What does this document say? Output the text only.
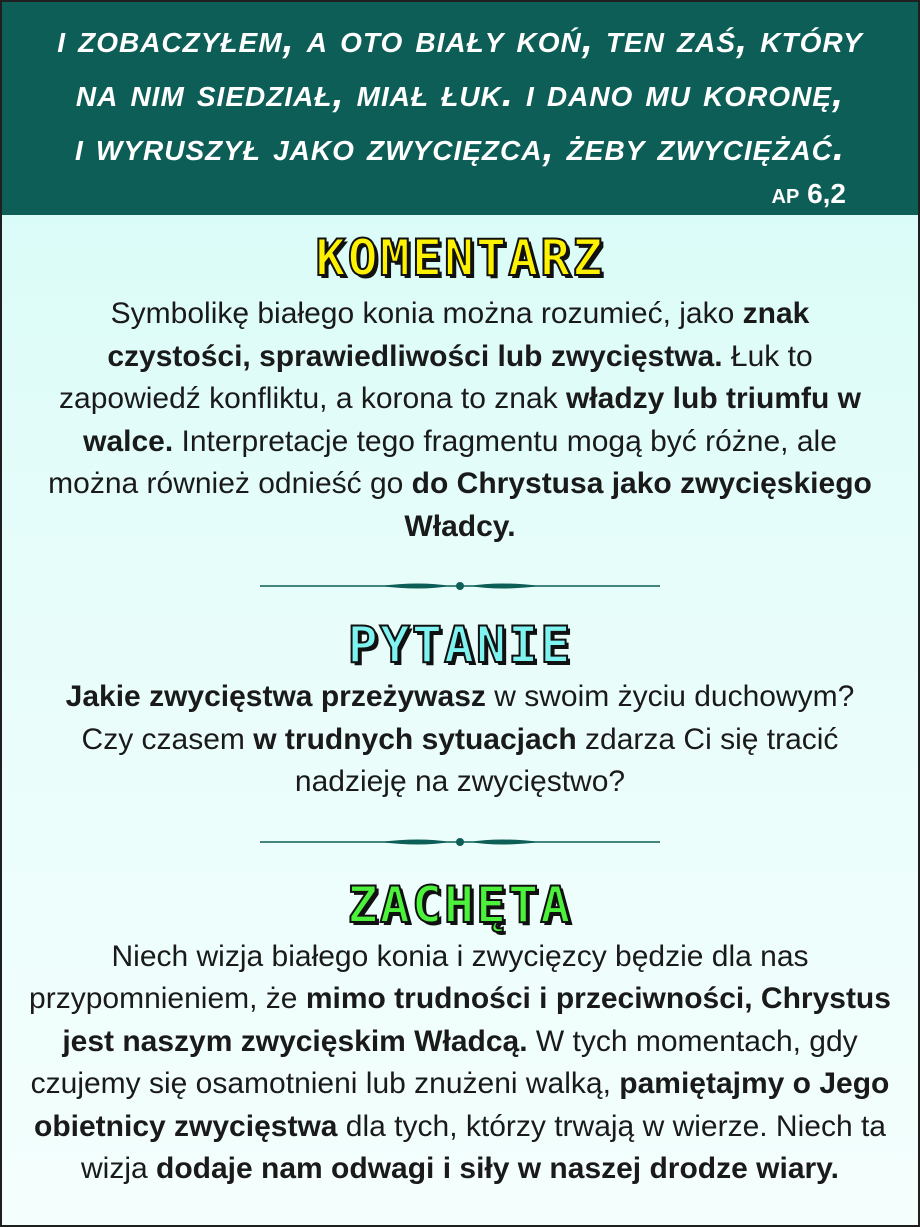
i zobaczyłem, a oto biały koń, ten zaś, który
na nim siedział, miał łuk. i dano mu koronę,
i wyruszył jako zwycięzca, żeby zwyciężać.

ap 6,2
KOMENTARZ

Symbolikę białego konia można rozumieć, jako znak czystości, sprawiedliwości lub zwycięstwa. Łuk to zapowiedź konfliktu, a korona to znak władzy lub triumfu w walce. Interpretacje tego fragmentu mogą być różne, ale można również odnieść go do Chrystusa jako zwycięskiego Władcy.

PYTANIE

Jakie zwycięstwa przeżywasz w swoim życiu duchowym? Czy czasem w trudnych sytuacjach zdarza Ci się tracić nadzieję na zwycięstwo?

ZACHĘTA

Niech wizja białego konia i zwycięzcy będzie dla nas przypomnieniem, że mimo trudności i przeciwności, Chrystus jest naszym zwycięskim Władcą. W tych momentach, gdy czujemy się osamotnieni lub znużeni walką, pamiętajmy o Jego obietnicy zwycięstwa dla tych, którzy trwają w wierze. Niech ta wizja dodaje nam odwagi i siły w naszej drodze wiary.
